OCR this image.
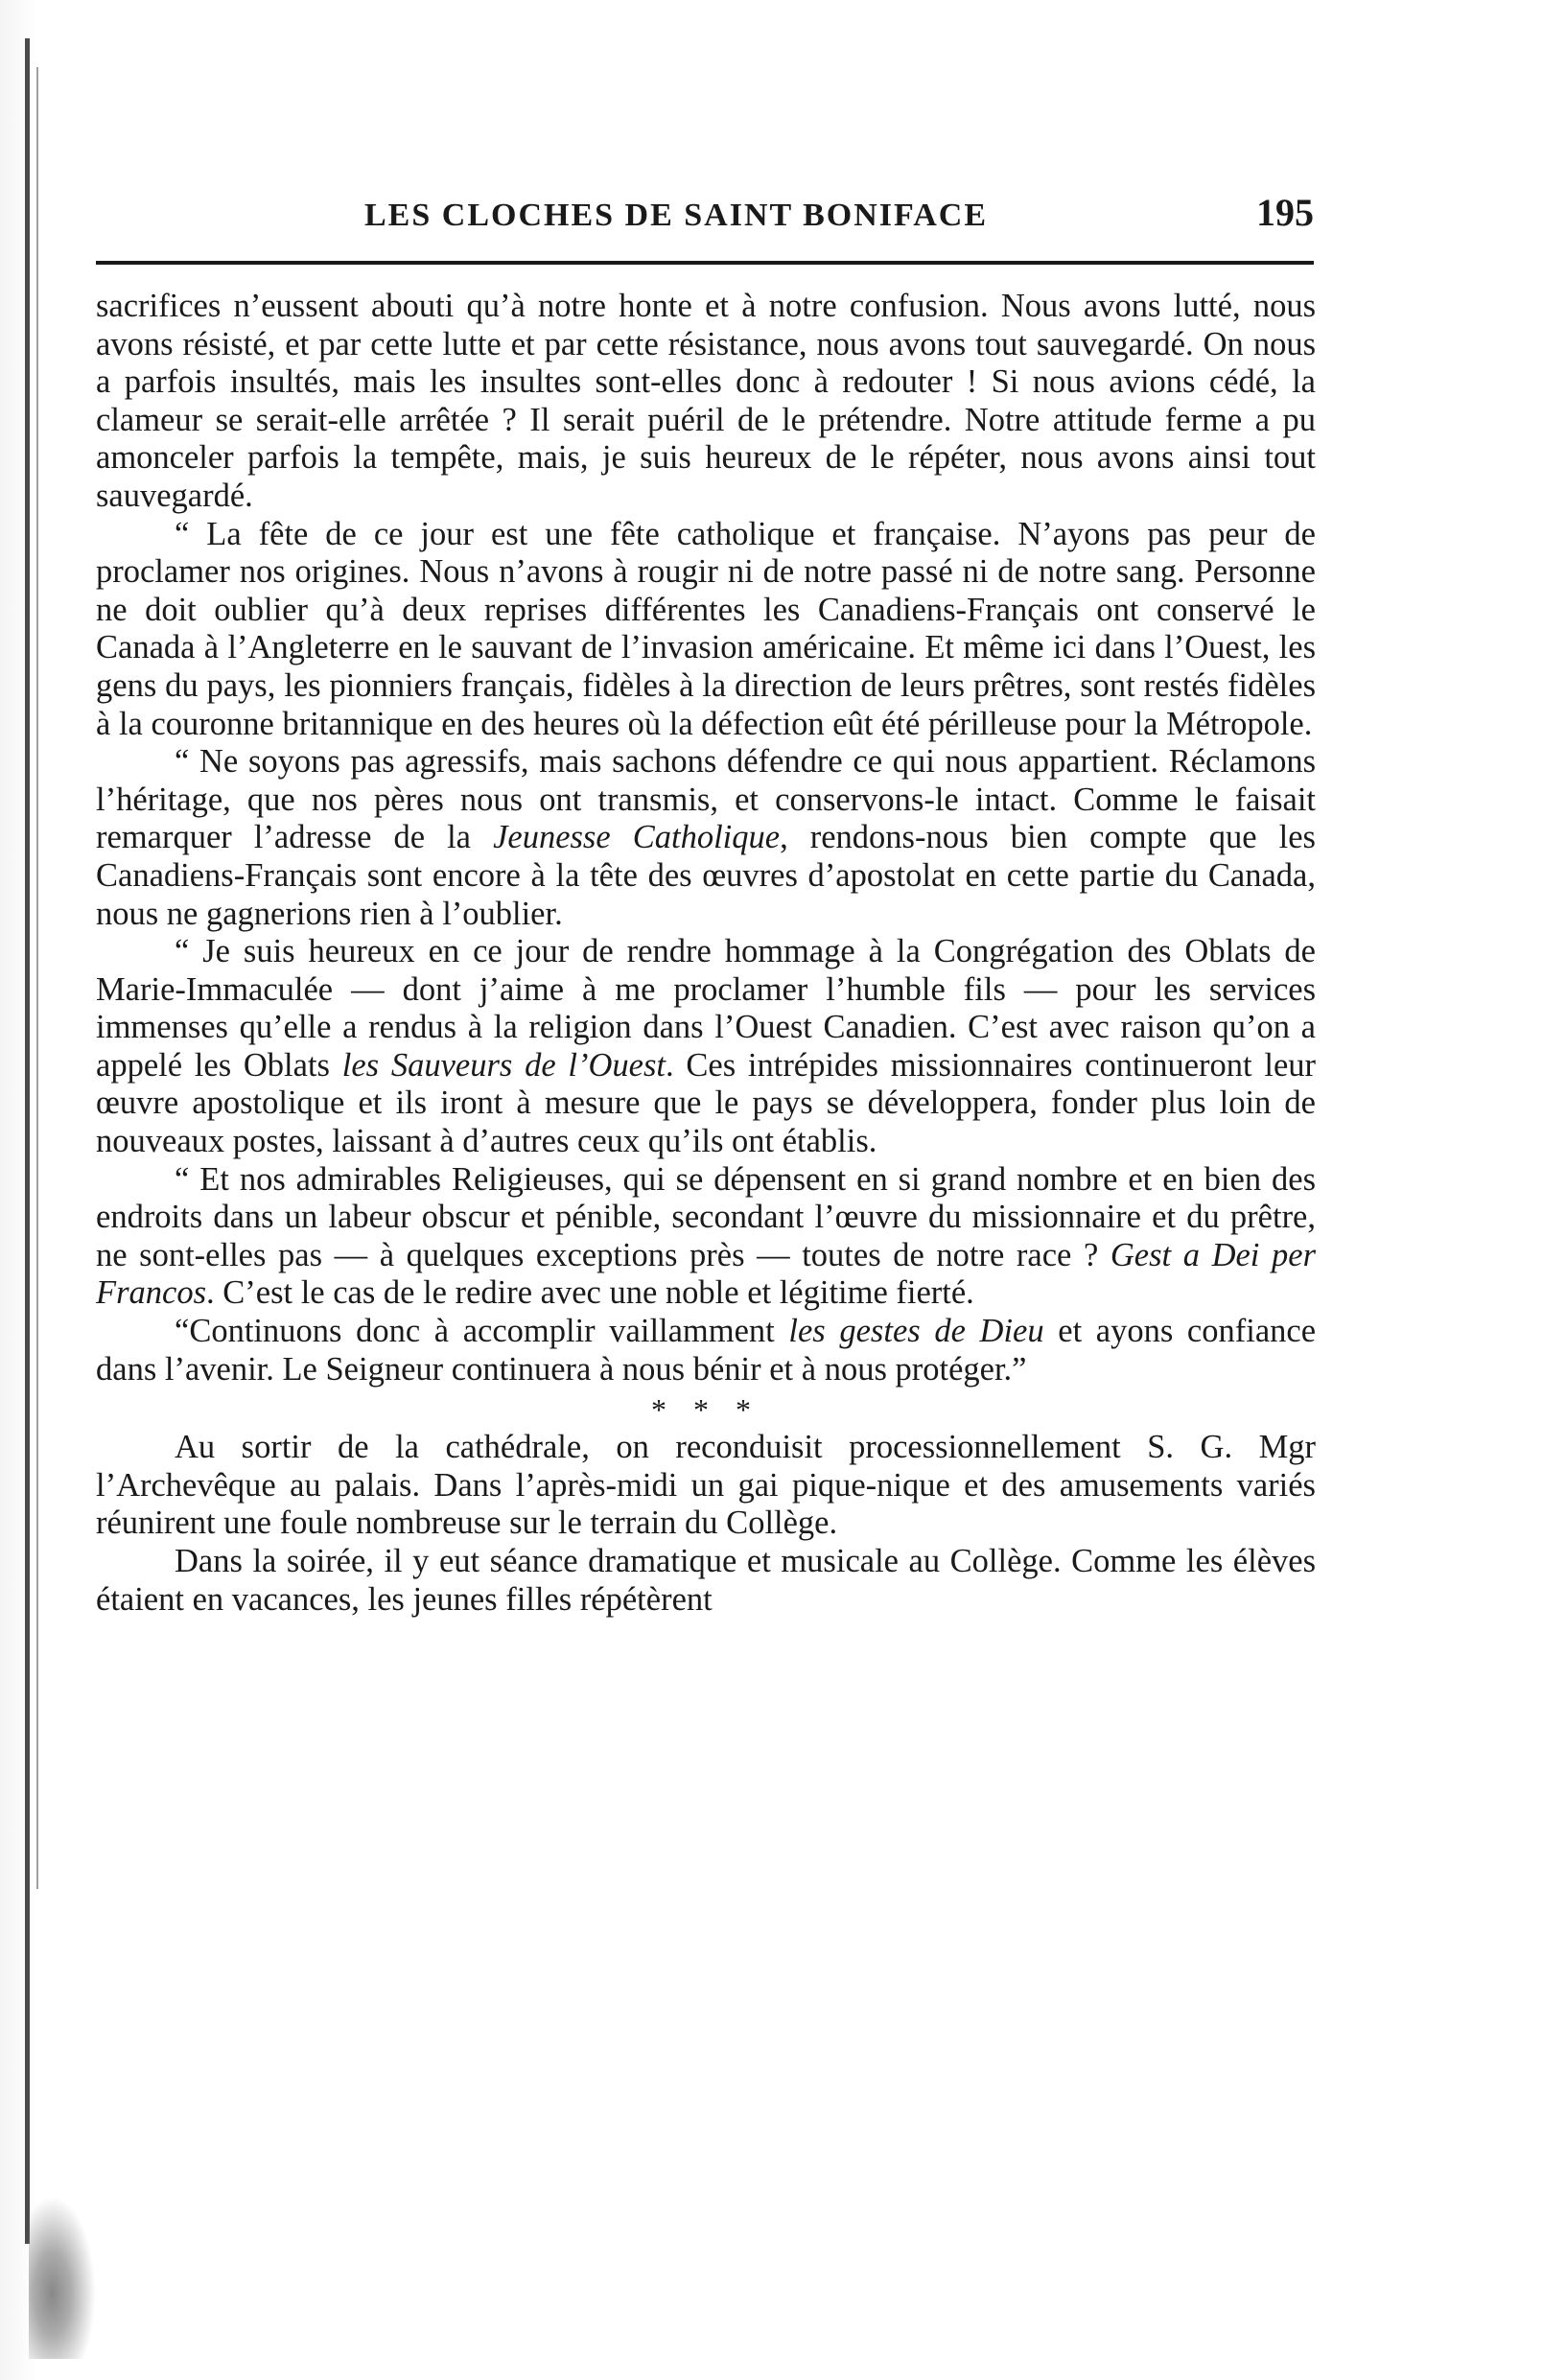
LES CLOCHES DE SAINT BONIFACE	195

sacrifices n’eussent abouti qu’à notre honte et à notre confusion. Nous avons lutté, nous avons résisté, et par cette lutte et par cette résistance, nous avons tout sauvegardé. On nous a parfois insultés, mais les insultes sont-elles donc à redouter ! Si nous avions cédé, la clameur se serait-elle arrêtée ? Il serait puéril de le prétendre. Notre attitude ferme a pu amonceler parfois la tempête, mais, je suis heureux de le répéter, nous avons ainsi tout sauvegardé.

“ La fête de ce jour est une fête catholique et française. N’ayons pas peur de proclamer nos origines. Nous n’avons à rougir ni de notre passé ni de notre sang. Personne ne doit oublier qu’à deux reprises différentes les Canadiens-Français ont conservé le Canada à l’Angleterre en le sauvant de l’invasion américaine. Et même ici dans l’Ouest, les gens du pays, les pionniers français, fidèles à la direction de leurs prêtres, sont restés fidèles à la couronne britannique en des heures où la défection eût été périlleuse pour la Métropole.

“ Ne soyons pas agressifs, mais sachons défendre ce qui nous appartient. Réclamons l’héritage, que nos pères nous ont transmis, et conservons-le intact. Comme le faisait remarquer l’adresse de la Jeunesse Catholique, rendons-nous bien compte que les Canadiens-Français sont encore à la tête des œuvres d’apostolat en cette partie du Canada, nous ne gagnerions rien à l’oublier.

“ Je suis heureux en ce jour de rendre hommage à la Congrégation des Oblats de Marie-Immaculée — dont j’aime à me proclamer l’humble fils — pour les services immenses qu’elle a rendus à la religion dans l’Ouest Canadien. C’est avec raison qu’on a appelé les Oblats les Sauveurs de l’Ouest. Ces intrépides missionnaires continueront leur œuvre apostolique et ils iront à mesure que le pays se développera, fonder plus loin de nouveaux postes, laissant à d’autres ceux qu’ils ont établis.

“ Et nos admirables Religieuses, qui se dépensent en si grand nombre et en bien des endroits dans un labeur obscur et pénible, secondant l’œuvre du missionnaire et du prêtre, ne sont-elles pas — à quelques exceptions près — toutes de notre race ? Gest a Dei per Francos. C’est le cas de le redire avec une noble et légitime fierté.

“Continuons donc à accomplir vaillamment les gestes de Dieu et ayons confiance dans l’avenir. Le Seigneur continuera à nous bénir et à nous protéger.”

* * *

Au sortir de la cathédrale, on reconduisit processionnellement S. G. Mgr l’Archevêque au palais. Dans l’après-midi un gai pique-nique et des amusements variés réunirent une foule nombreuse sur le terrain du Collège.

Dans la soirée, il y eut séance dramatique et musicale au Collège. Comme les élèves étaient en vacances, les jeunes filles répétèrent
